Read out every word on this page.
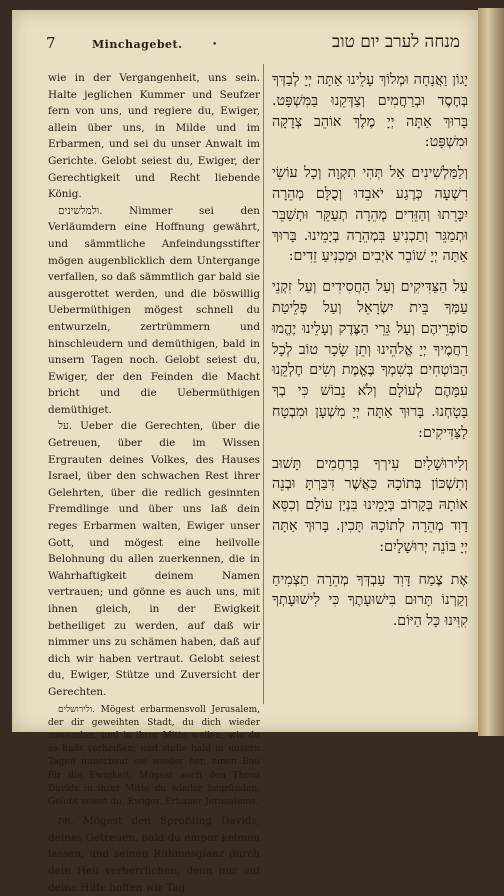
7	Minchagebet.	•	מנחה לערב יום טוב

wie in der Vergangenheit, uns sein. Halte jeglichen Kummer und Seufzer fern von uns, und regiere du, Ewiger, allein über uns, in Milde und im Erbarmen, und sei du unser Anwalt im Gerichte. Gelobt seiest du, Ewiger, der Gerechtigkeit und Recht liebende König.

ולמלשינים. Nimmer sei den Verläumdern eine Hoffnung gewährt, und sämmtliche Anfeindungsstifter mögen augenblicklich dem Untergange verfallen, so daß sämmtlich gar bald sie ausgerottet werden, und die böswillig Uebermüthigen mögest schnell du entwurzeln, zertrümmern und hinschleudern und demüthigen, bald in unsern Tagen noch. Gelobt seiest du, Ewiger, der den Feinden die Macht bricht und die Uebermüthigen demüthiget.

על. Ueber die Gerechten, über die Getreuen, über die im Wissen Ergrauten deines Volkes, des Hauses Israel, über den schwachen Rest ihrer Gelehrten, über die redlich gesinnten Fremdlinge und über uns laß dein reges Erbarmen walten, Ewiger unser Gott, und mögest eine heilvolle Belohnung du allen zuerkennen, die in Wahrhaftigkeit deinem Namen vertrauen; und gönne es auch uns, mit ihnen gleich, in der Ewigkeit betheiliget zu werden, auf daß wir nimmer uns zu schämen haben, daß auf dich wir haben vertraut. Gelobt seiest du, Ewiger, Stütze und Zuversicht der Gerechten.

ולירושלים. Mögest erbarmensvoll Jerusalem, der dir geweihten Stadt, du dich wieder zuwenden, und in ihrer Mitte weilen, wie du es haßt verheißen; und stelle bald in unsern Tagen nunerbaut sie wieder her, einen Bau für die Ewigkeit. Mögest auch den Thron Davids in ihrer Mitte du wieder begründen. Gelobt seiest du, Ewiger, Erbauer Jerusalems.

את. Mögest den Sprößling Davids, deines Getreuen, bald du empor keimen lassen, und seinen Ruhmesglanz durch dein Heil verherrlichen; denn nur auf deine Hilfe hoffen wir Tag

יָגוֹן וַאֲנָחָה וּמְלוֹךְ עָלֵינוּ אַתָּה יְיָ לְבַדְּךָ בְּחֶסֶד וּבְרַחֲמִים וְצַדְּקֵנוּ בַּמִּשְׁפָּט. בָּרוּךְ אַתָּה יְיָ מֶלֶךְ אוֹהֵב צְדָקָה וּמִשְׁפָּט:

וְלַמַּלְשִׁינִים אַל תְּהִי תִקְוָה וְכָל עוֹשֵׂי רִשְׁעָה כְּרֶגַע יֹאבֵדוּ וְכֻלָּם מְהֵרָה יִכָּרֵתוּ וְהַזֵּדִים מְהֵרָה תְעַקֵּר וּתְשַׁבֵּר וּתְמַגֵּר וְתַכְנִיעַ בִּמְהֵרָה בְיָמֵינוּ. בָּרוּךְ אַתָּה יְיָ שׁוֹבֵר אֹיְבִים וּמַכְנִיעַ זֵדִים:

עַל הַצַּדִּיקִים וְעַל הַחֲסִידִים וְעַל זִקְנֵי עַמְּךָ בֵּית יִשְׂרָאֵל וְעַל פְּלֵיטַת סוֹפְרֵיהֶם וְעַל גֵּרֵי הַצֶּדֶק וְעָלֵינוּ יֶהֱמוּ רַחֲמֶיךָ יְיָ אֱלֹהֵינוּ וְתֵן שָׂכָר טוֹב לְכָל הַבּוֹטְחִים בְּשִׁמְךָ בֶּאֱמֶת וְשִׂים חֶלְקֵנוּ עִמָּהֶם לְעוֹלָם וְלֹא נֵבוֹשׁ כִּי בְךָ בָּטָחְנוּ. בָּרוּךְ אַתָּה יְיָ מִשְׁעָן וּמִבְטָח לַצַּדִּיקִים:

וְלִירוּשָׁלַיִם עִירְךָ בְּרַחֲמִים תָּשׁוּב וְתִשְׁכּוֹן בְּתוֹכָהּ כַּאֲשֶׁר דִּבַּרְתָּ וּבְנֵה אוֹתָהּ בְּקָרוֹב בְּיָמֵינוּ בִּנְיַן עוֹלָם וְכִסֵּא דָוִד מְהֵרָה לְתוֹכָהּ תָּכִין. בָּרוּךְ אַתָּה יְיָ בּוֹנֵה יְרוּשָׁלָיִם:

אֶת צֶמַח דָּוִד עַבְדְּךָ מְהֵרָה תַצְמִיחַ וְקַרְנוֹ תָּרוּם בִּישׁוּעָתֶךָ כִּי לִישׁוּעָתְךָ קִוִּינוּ כָּל הַיּוֹם.
